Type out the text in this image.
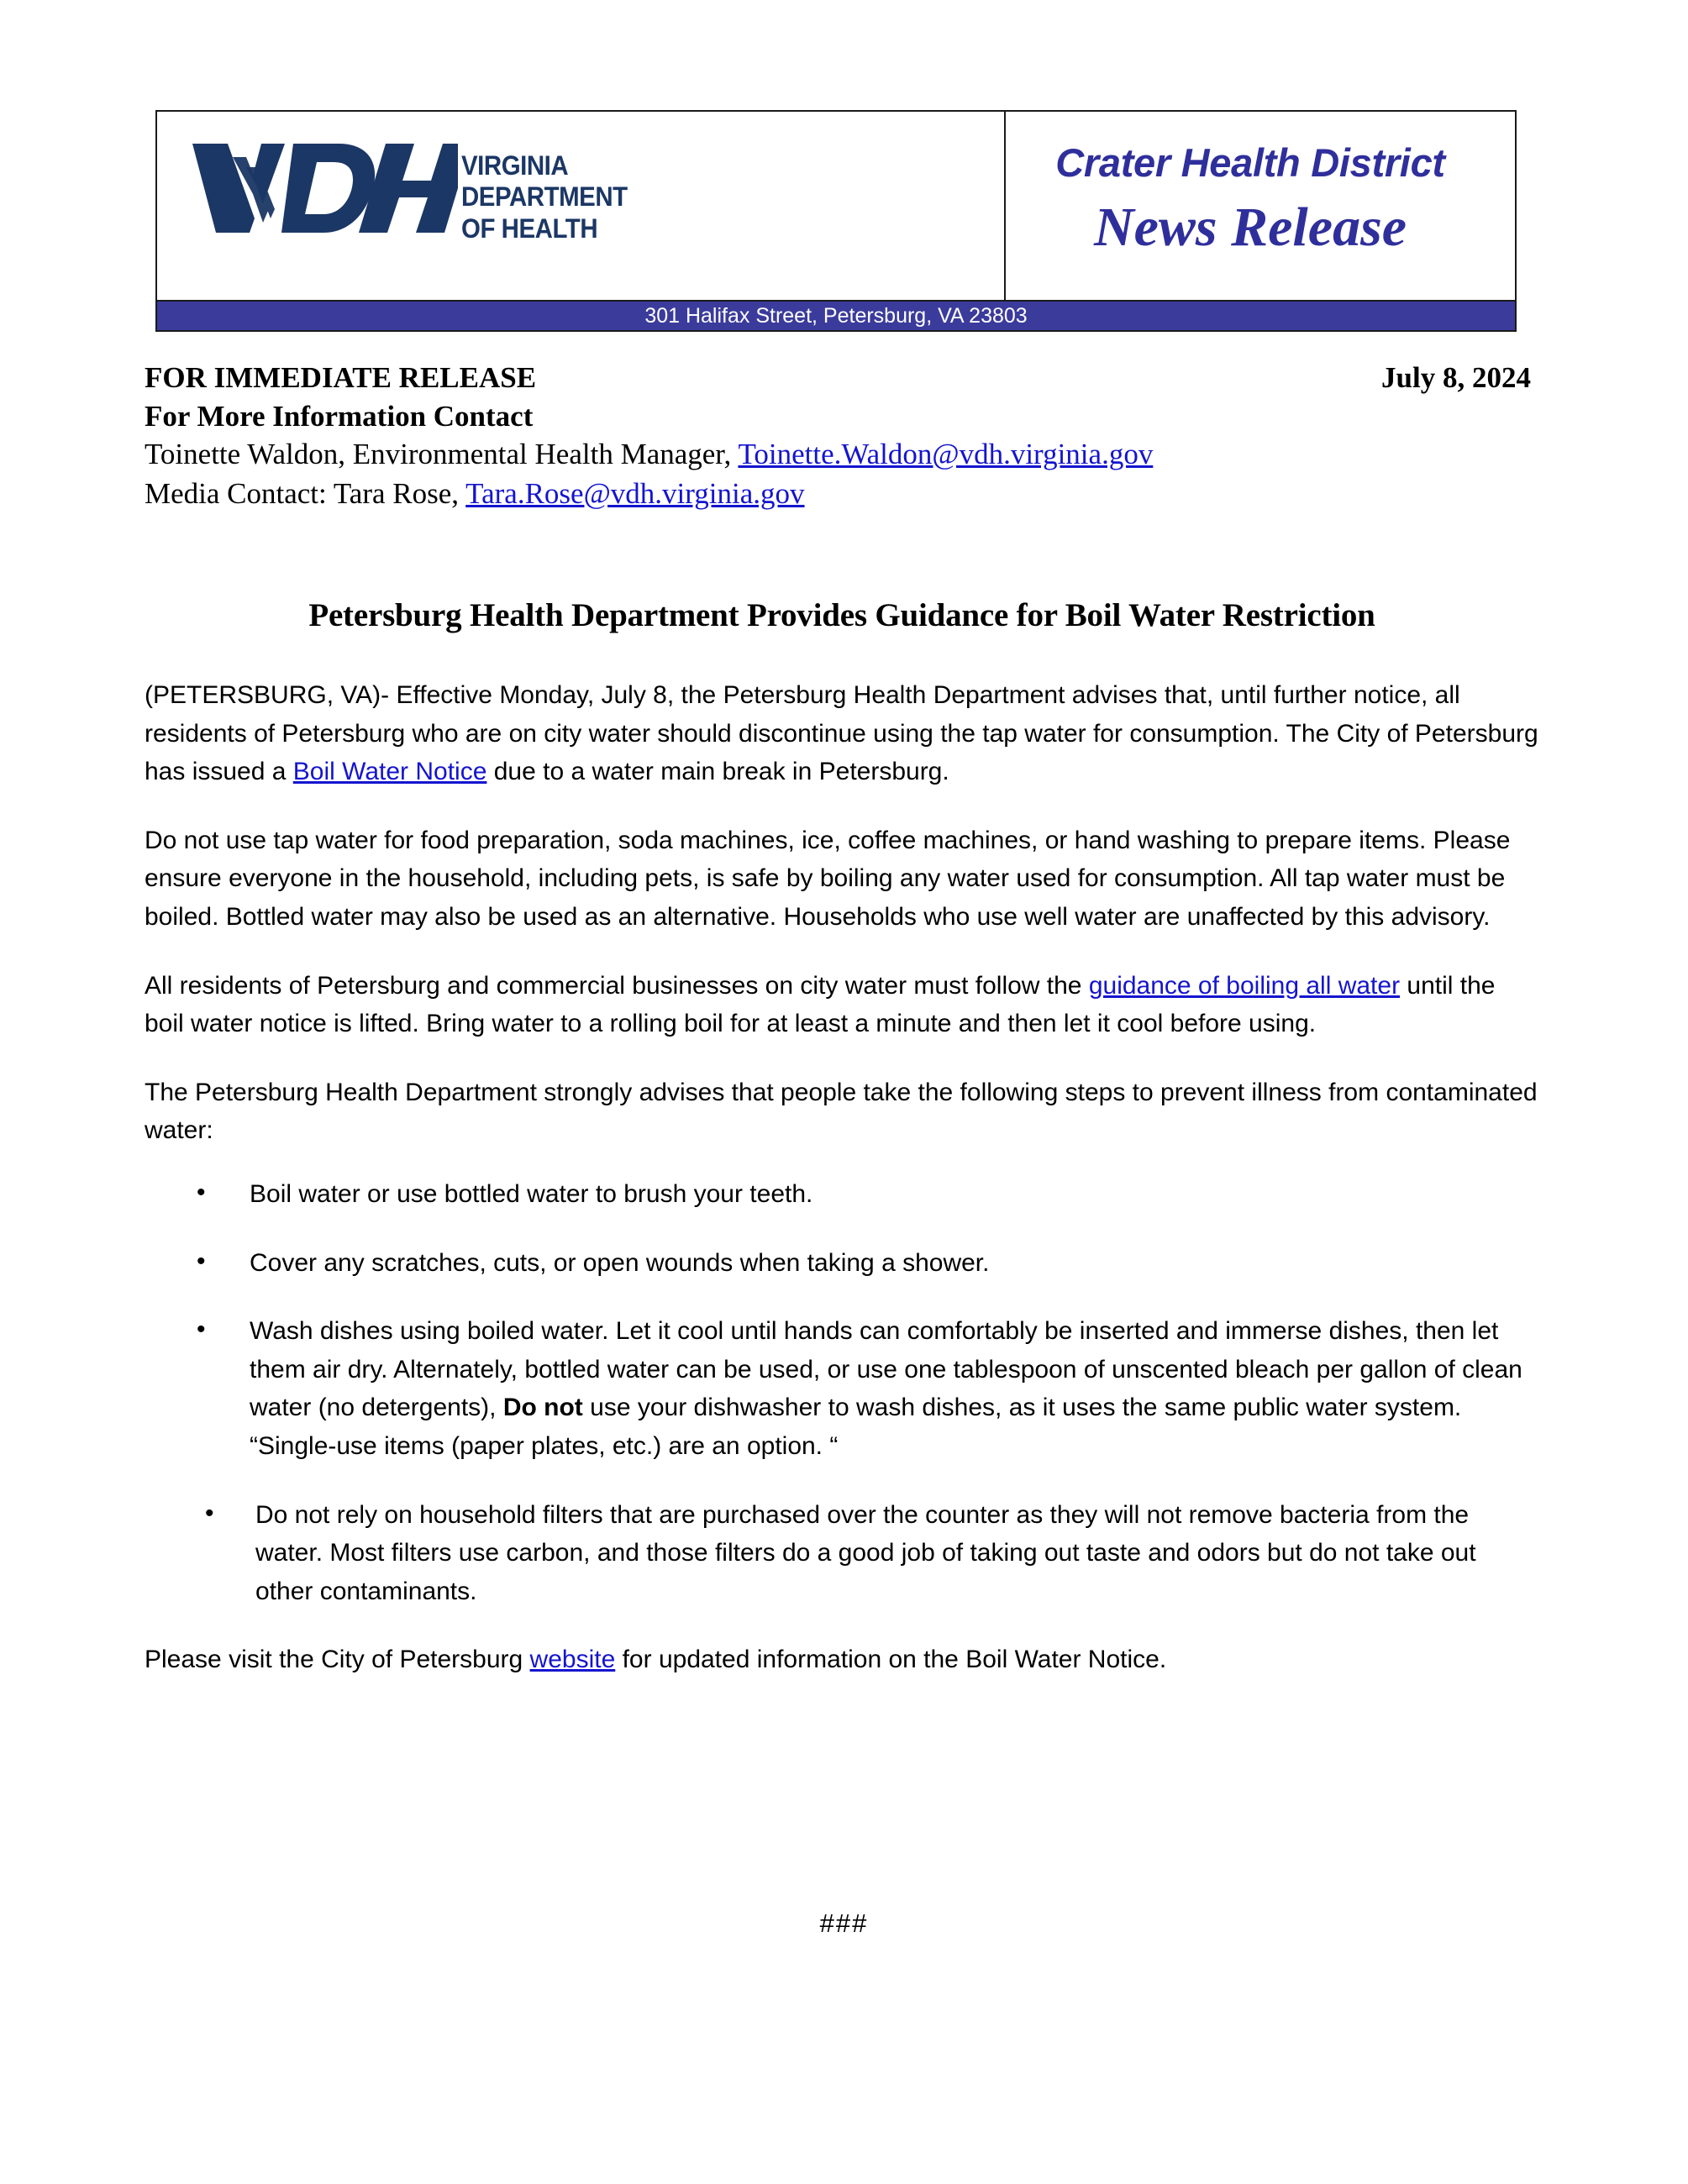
VIRGINIA
DEPARTMENT
OF HEALTH
Crater Health District
News Release
301 Halifax Street, Petersburg, VA 23803
FOR IMMEDIATE RELEASE	July 8, 2024
For More Information Contact
Toinette Waldon, Environmental Health Manager, Toinette.Waldon@vdh.virginia.gov
Media Contact: Tara Rose, Tara.Rose@vdh.virginia.gov
Petersburg Health Department Provides Guidance for Boil Water Restriction

(PETERSBURG, VA)- Effective Monday, July 8, the Petersburg Health Department advises that, until further notice, all residents of Petersburg who are on city water should discontinue using the tap water for consumption. The City of Petersburg has issued a Boil Water Notice due to a water main break in Petersburg.

Do not use tap water for food preparation, soda machines, ice, coffee machines, or hand washing to prepare items. Please ensure everyone in the household, including pets, is safe by boiling any water used for consumption. All tap water must be boiled. Bottled water may also be used as an alternative. Households who use well water are unaffected by this advisory.

All residents of Petersburg and commercial businesses on city water must follow the guidance of boiling all water until the boil water notice is lifted. Bring water to a rolling boil for at least a minute and then let it cool before using.

The Petersburg Health Department strongly advises that people take the following steps to prevent illness from contaminated water:

• Boil water or use bottled water to brush your teeth.
• Cover any scratches, cuts, or open wounds when taking a shower.
• Wash dishes using boiled water. Let it cool until hands can comfortably be inserted and immerse dishes, then let them air dry. Alternately, bottled water can be used, or use one tablespoon of unscented bleach per gallon of clean water (no detergents), Do not use your dishwasher to wash dishes, as it uses the same public water system. “Single-use items (paper plates, etc.) are an option. “
• Do not rely on household filters that are purchased over the counter as they will not remove bacteria from the water. Most filters use carbon, and those filters do a good job of taking out taste and odors but do not take out other contaminants.

Please visit the City of Petersburg website for updated information on the Boil Water Notice.

###
